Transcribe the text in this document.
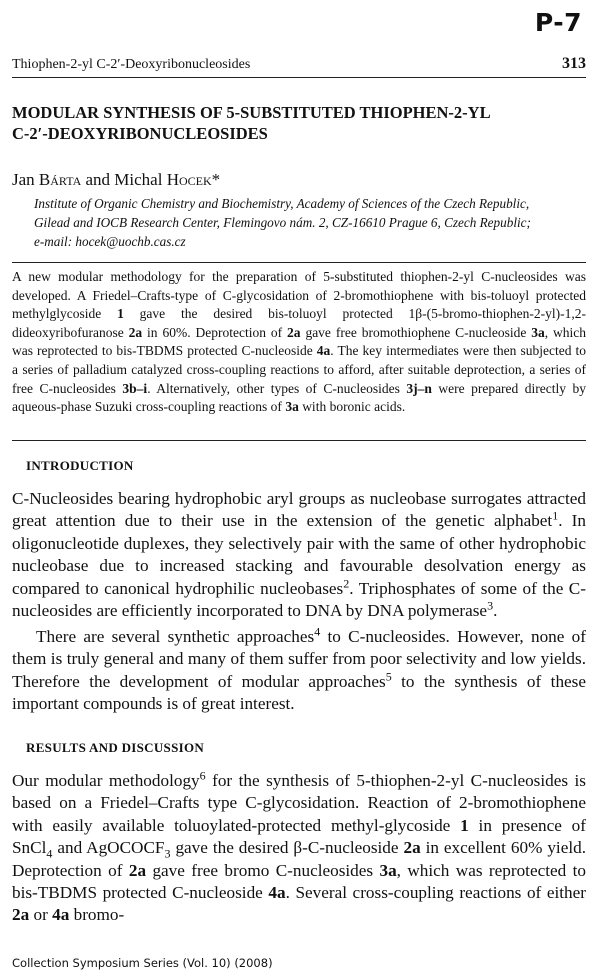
P-7
Thiophen-2-yl C-2′-Deoxyribonucleosides	313
MODULAR SYNTHESIS OF 5-SUBSTITUTED THIOPHEN-2-YL
C-2′-DEOXYRIBONUCLEOSIDES
Jan Bárta and Michal Hocek*
Institute of Organic Chemistry and Biochemistry, Academy of Sciences of the Czech Republic,
Gilead and IOCB Research Center, Flemingovo nám. 2, CZ-16610 Prague 6, Czech Republic;
e-mail: hocek@uochb.cas.cz

A new modular methodology for the preparation of 5-substituted thiophen-2-yl C-nucleosides was developed. A Friedel–Crafts-type of C-glycosidation of 2-bromothiophene with bis-toluoyl protected methylglycoside 1 gave the desired bis-toluoyl protected 1β-(5-bromo-thiophen-2-yl)-1,2-dideoxyribofuranose 2a in 60%. Deprotection of 2a gave free bromothiophene C-nucleoside 3a, which was reprotected to bis-TBDMS protected C-nucleoside 4a. The key intermediates were then subjected to a series of palladium catalyzed cross-coupling reactions to afford, after suitable deprotection, a series of free C-nucleosides 3b–i. Alternatively, other types of C-nucleosides 3j–n were prepared directly by aqueous-phase Suzuki cross-coupling reactions of 3a with boronic acids.

INTRODUCTION

C-Nucleosides bearing hydrophobic aryl groups as nucleobase surrogates attracted great attention due to their use in the extension of the genetic alphabet$^1$. In oligonucleotide duplexes, they selectively pair with the same of other hydrophobic nucleobase due to increased stacking and favourable desolvation energy as compared to canonical hydrophilic nucleobases$^2$. Triphosphates of some of the C-nucleosides are efficiently incorporated to DNA by DNA polymerase$^3$.

There are several synthetic approaches$^4$ to C-nucleosides. However, none of them is truly general and many of them suffer from poor selectivity and low yields. Therefore the development of modular approaches$^5$ to the synthesis of these important compounds is of great interest.

RESULTS AND DISCUSSION

Our modular methodology$^6$ for the synthesis of 5-thiophen-2-yl C-nucleosides is based on a Friedel–Crafts type C-glycosidation. Reaction of 2-bromothiophene with easily available toluoylated-protected methyl-glycoside 1 in presence of SnCl$_4$ and AgOCOCF$_3$ gave the desired β-C-nucleoside 2a in excellent 60% yield. Deprotection of 2a gave free bromo C-nucleosides 3a, which was reprotected to bis-TBDMS protected C-nucleoside 4a. Several cross-coupling reactions of either 2a or 4a bromo-

Collection Symposium Series (Vol. 10) (2008)
